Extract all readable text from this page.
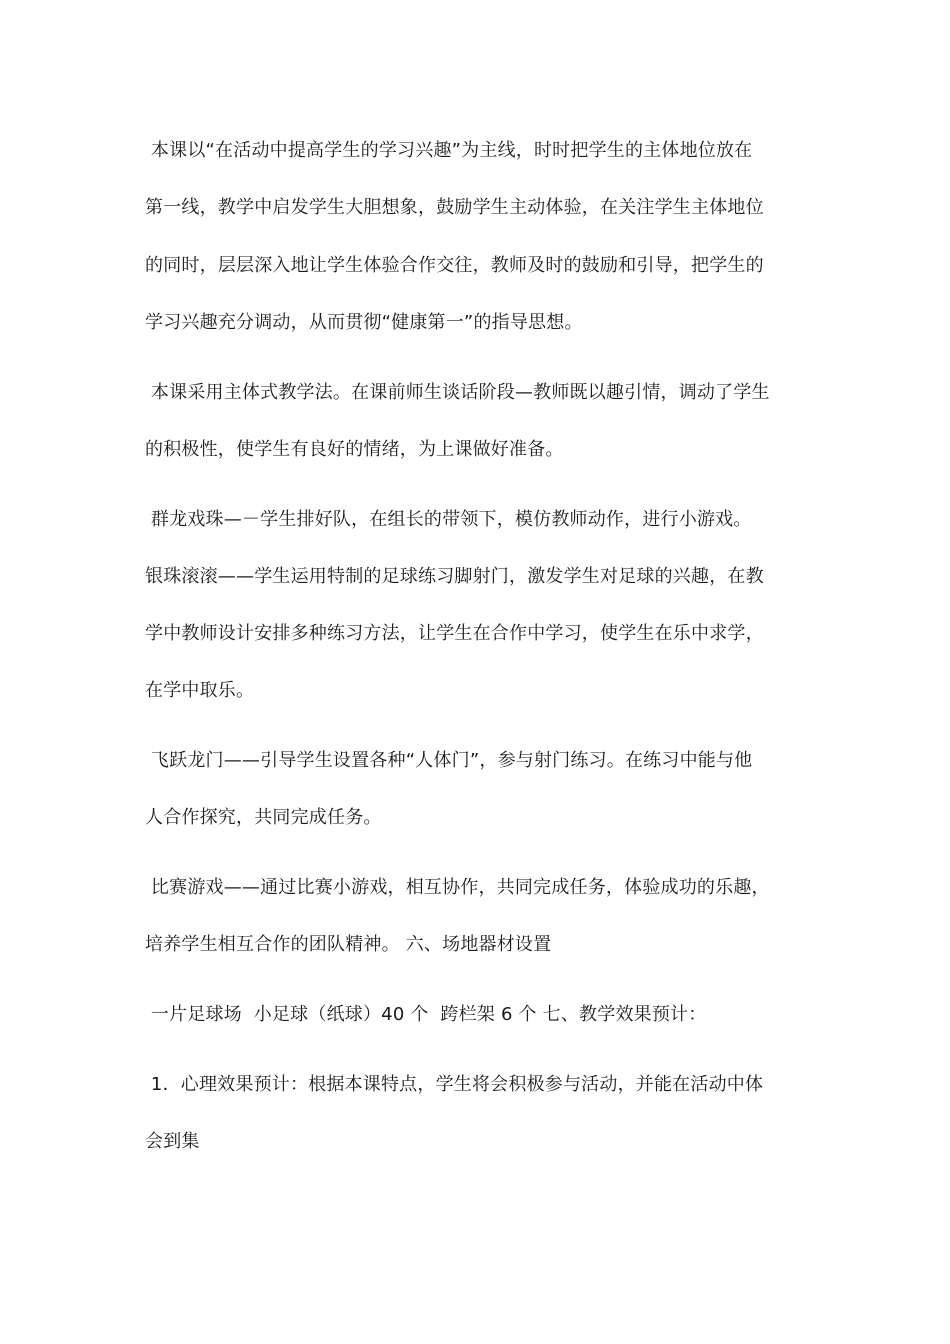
本课以“在活动中提高学生的学习兴趣”为主线，时时把学生的主体地位放在
第一线，教学中启发学生大胆想象，鼓励学生主动体验，在关注学生主体地位
的同时，层层深入地让学生体验合作交往，教师及时的鼓励和引导，把学生的
学习兴趣充分调动，从而贯彻“健康第一”的指导思想。
本课采用主体式教学法。在课前师生谈话阶段—教师既以趣引情，调动了学生
的积极性，使学生有良好的情绪，为上课做好准备。
群龙戏珠—－学生排好队，在组长的带领下，模仿教师动作，进行小游戏。
银珠滚滚——学生运用特制的足球练习脚射门，激发学生对足球的兴趣，在教
学中教师设计安排多种练习方法，让学生在合作中学习，使学生在乐中求学，
在学中取乐。
飞跃龙门——引导学生设置各种“人体门”，参与射门练习。在练习中能与他
人合作探究，共同完成任务。
比赛游戏——通过比赛小游戏，相互协作，共同完成任务，体验成功的乐趣，
培养学生相互合作的团队精神。 六、场地器材设置
一片足球场  小足球（纸球）40 个  跨栏架 6 个 七、教学效果预计：
1．心理效果预计：根据本课特点，学生将会积极参与活动，并能在活动中体
会到集
